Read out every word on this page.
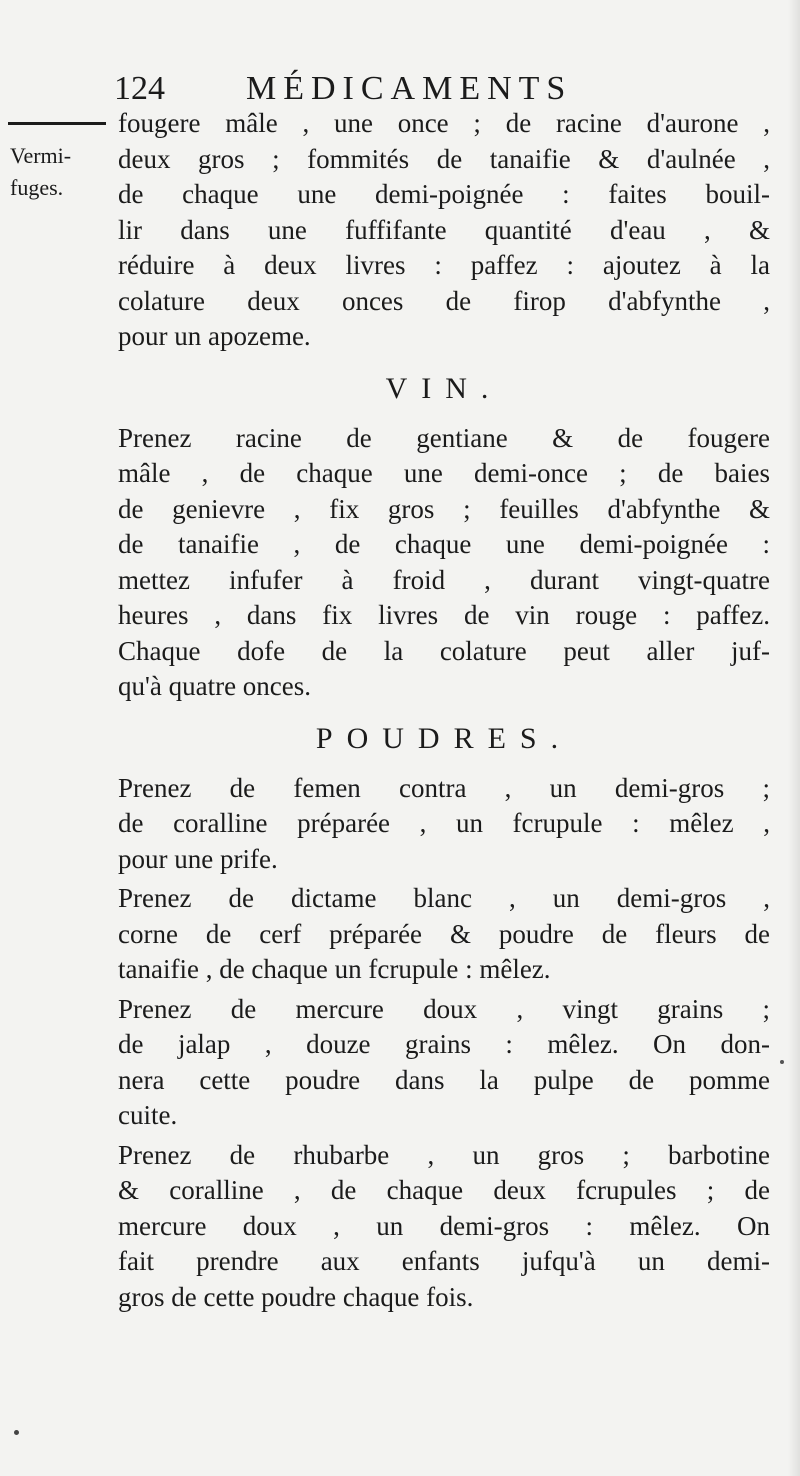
124 MÉDICAMENTS
Vermi-
fuges.
fougere mâle , une once ; de racine d'aurone ,
deux gros ; fommités de tanaifie & d'aulnée ,
de chaque une demi-poignée : faites bouil-
lir dans une fuffifante quantité d'eau , &
réduire à deux livres : paffez : ajoutez à la
colature deux onces de firop d'abfynthe ,
pour un apozeme.
VIN.
Prenez racine de gentiane & de fougere
mâle , de chaque une demi-once ; de baies
de genievre , fix gros ; feuilles d'abfynthe &
de tanaifie , de chaque une demi-poignée :
mettez infufer à froid , durant vingt-quatre
heures , dans fix livres de vin rouge : paffez.
Chaque dofe de la colature peut aller juf-
qu'à quatre onces.
POUDRES.
Prenez de femen contra , un demi-gros ;
de coralline préparée , un fcrupule : mêlez ,
pour une prife.
Prenez de dictame blanc , un demi-gros ,
corne de cerf préparée & poudre de fleurs de
tanaifie , de chaque un fcrupule : mêlez.
Prenez de mercure doux , vingt grains ;
de jalap , douze grains : mêlez. On don-
nera cette poudre dans la pulpe de pomme
cuite.
Prenez de rhubarbe , un gros ; barbotine
& coralline , de chaque deux fcrupules ; de
mercure doux , un demi-gros : mêlez. On
fait prendre aux enfants jufqu'à un demi-
gros de cette poudre chaque fois.
